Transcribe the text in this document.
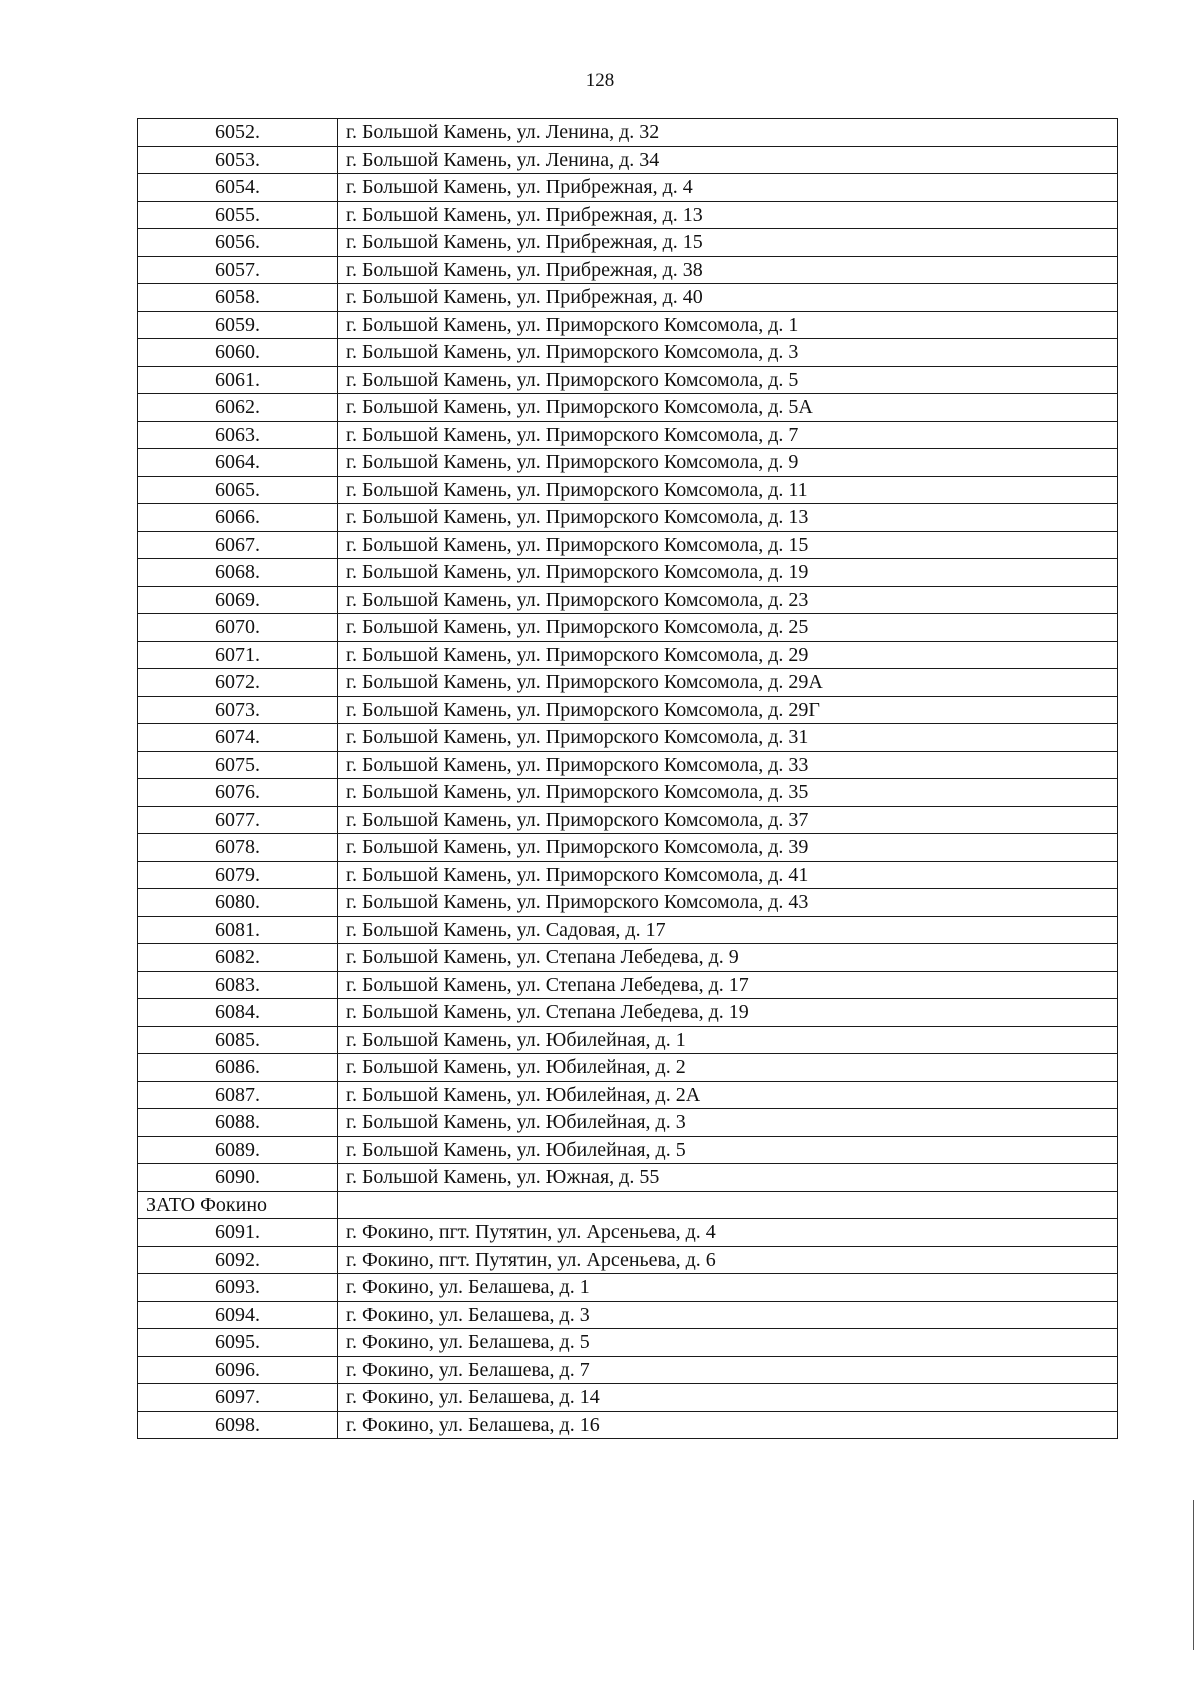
128
6052.	г. Большой Камень, ул. Ленина, д. 32
6053.	г. Большой Камень, ул. Ленина, д. 34
6054.	г. Большой Камень, ул. Прибрежная, д. 4
6055.	г. Большой Камень, ул. Прибрежная, д. 13
6056.	г. Большой Камень, ул. Прибрежная, д. 15
6057.	г. Большой Камень, ул. Прибрежная, д. 38
6058.	г. Большой Камень, ул. Прибрежная, д. 40
6059.	г. Большой Камень, ул. Приморского Комсомола, д. 1
6060.	г. Большой Камень, ул. Приморского Комсомола, д. 3
6061.	г. Большой Камень, ул. Приморского Комсомола, д. 5
6062.	г. Большой Камень, ул. Приморского Комсомола, д. 5А
6063.	г. Большой Камень, ул. Приморского Комсомола, д. 7
6064.	г. Большой Камень, ул. Приморского Комсомола, д. 9
6065.	г. Большой Камень, ул. Приморского Комсомола, д. 11
6066.	г. Большой Камень, ул. Приморского Комсомола, д. 13
6067.	г. Большой Камень, ул. Приморского Комсомола, д. 15
6068.	г. Большой Камень, ул. Приморского Комсомола, д. 19
6069.	г. Большой Камень, ул. Приморского Комсомола, д. 23
6070.	г. Большой Камень, ул. Приморского Комсомола, д. 25
6071.	г. Большой Камень, ул. Приморского Комсомола, д. 29
6072.	г. Большой Камень, ул. Приморского Комсомола, д. 29А
6073.	г. Большой Камень, ул. Приморского Комсомола, д. 29Г
6074.	г. Большой Камень, ул. Приморского Комсомола, д. 31
6075.	г. Большой Камень, ул. Приморского Комсомола, д. 33
6076.	г. Большой Камень, ул. Приморского Комсомола, д. 35
6077.	г. Большой Камень, ул. Приморского Комсомола, д. 37
6078.	г. Большой Камень, ул. Приморского Комсомола, д. 39
6079.	г. Большой Камень, ул. Приморского Комсомола, д. 41
6080.	г. Большой Камень, ул. Приморского Комсомола, д. 43
6081.	г. Большой Камень, ул. Садовая, д. 17
6082.	г. Большой Камень, ул. Степана Лебедева, д. 9
6083.	г. Большой Камень, ул. Степана Лебедева, д. 17
6084.	г. Большой Камень, ул. Степана Лебедева, д. 19
6085.	г. Большой Камень, ул. Юбилейная, д. 1
6086.	г. Большой Камень, ул. Юбилейная, д. 2
6087.	г. Большой Камень, ул. Юбилейная, д. 2А
6088.	г. Большой Камень, ул. Юбилейная, д. 3
6089.	г. Большой Камень, ул. Юбилейная, д. 5
6090.	г. Большой Камень, ул. Южная, д. 55
ЗАТО Фокино	
6091.	г. Фокино, пгт. Путятин, ул. Арсеньева, д. 4
6092.	г. Фокино, пгт. Путятин, ул. Арсеньева, д. 6
6093.	г. Фокино, ул. Белашева, д. 1
6094.	г. Фокино, ул. Белашева, д. 3
6095.	г. Фокино, ул. Белашева, д. 5
6096.	г. Фокино, ул. Белашева, д. 7
6097.	г. Фокино, ул. Белашева, д. 14
6098.	г. Фокино, ул. Белашева, д. 16
